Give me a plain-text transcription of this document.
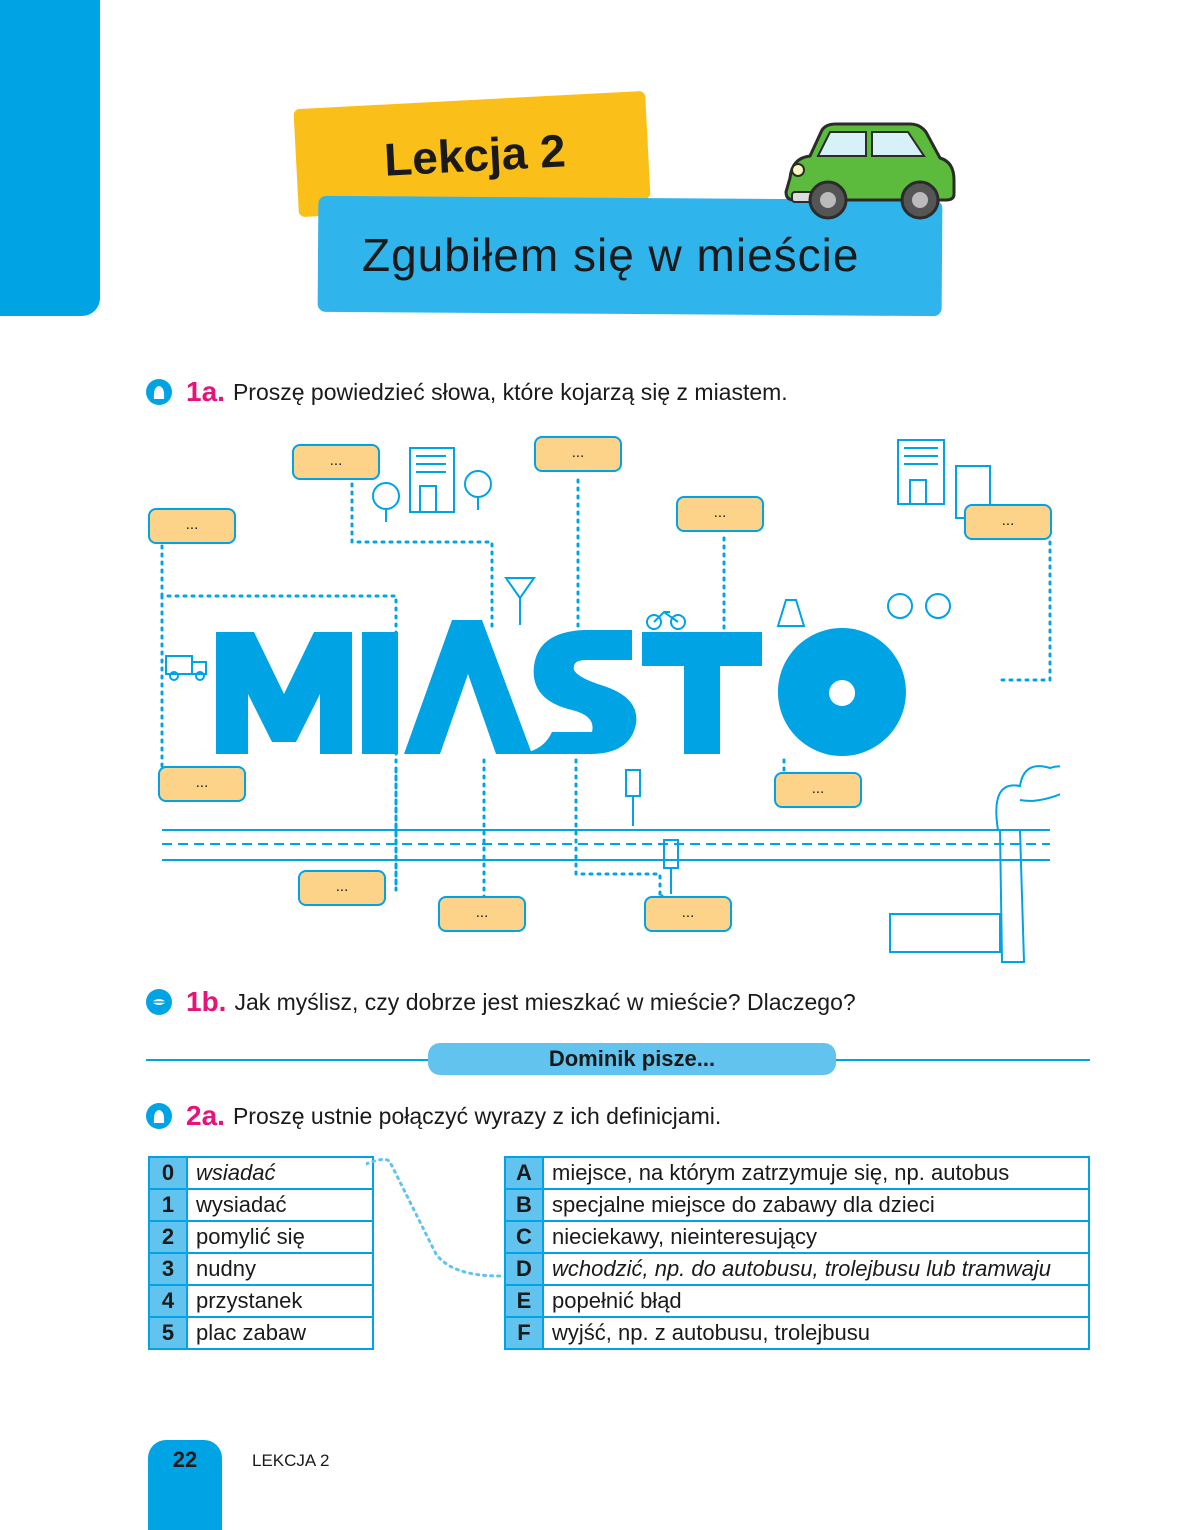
Lekcja 2
Zgubiłem się w mieście
1a. Proszę powiedzieć słowa, które kojarzą się z miastem.
...	...
...
...	...
...	...
...
...	...
1b. Jak myślisz, czy dobrze jest mieszkać w mieście? Dlaczego?
Dominik pisze...
2a. Proszę ustnie połączyć wyrazy z ich definicjami.
0	wsiadać
1	wysiadać
2	pomylić się
3	nudny
4	przystanek
5	plac zabaw
A	miejsce, na którym zatrzymuje się, np. autobus
B	specjalne miejsce do zabawy dla dzieci
C	nieciekawy, nieinteresujący
D	wchodzić, np. do autobusu, trolejbusu lub tramwaju
E	popełnić błąd
F	wyjść, np. z autobusu, trolejbusu
22	LEKCJA 2
